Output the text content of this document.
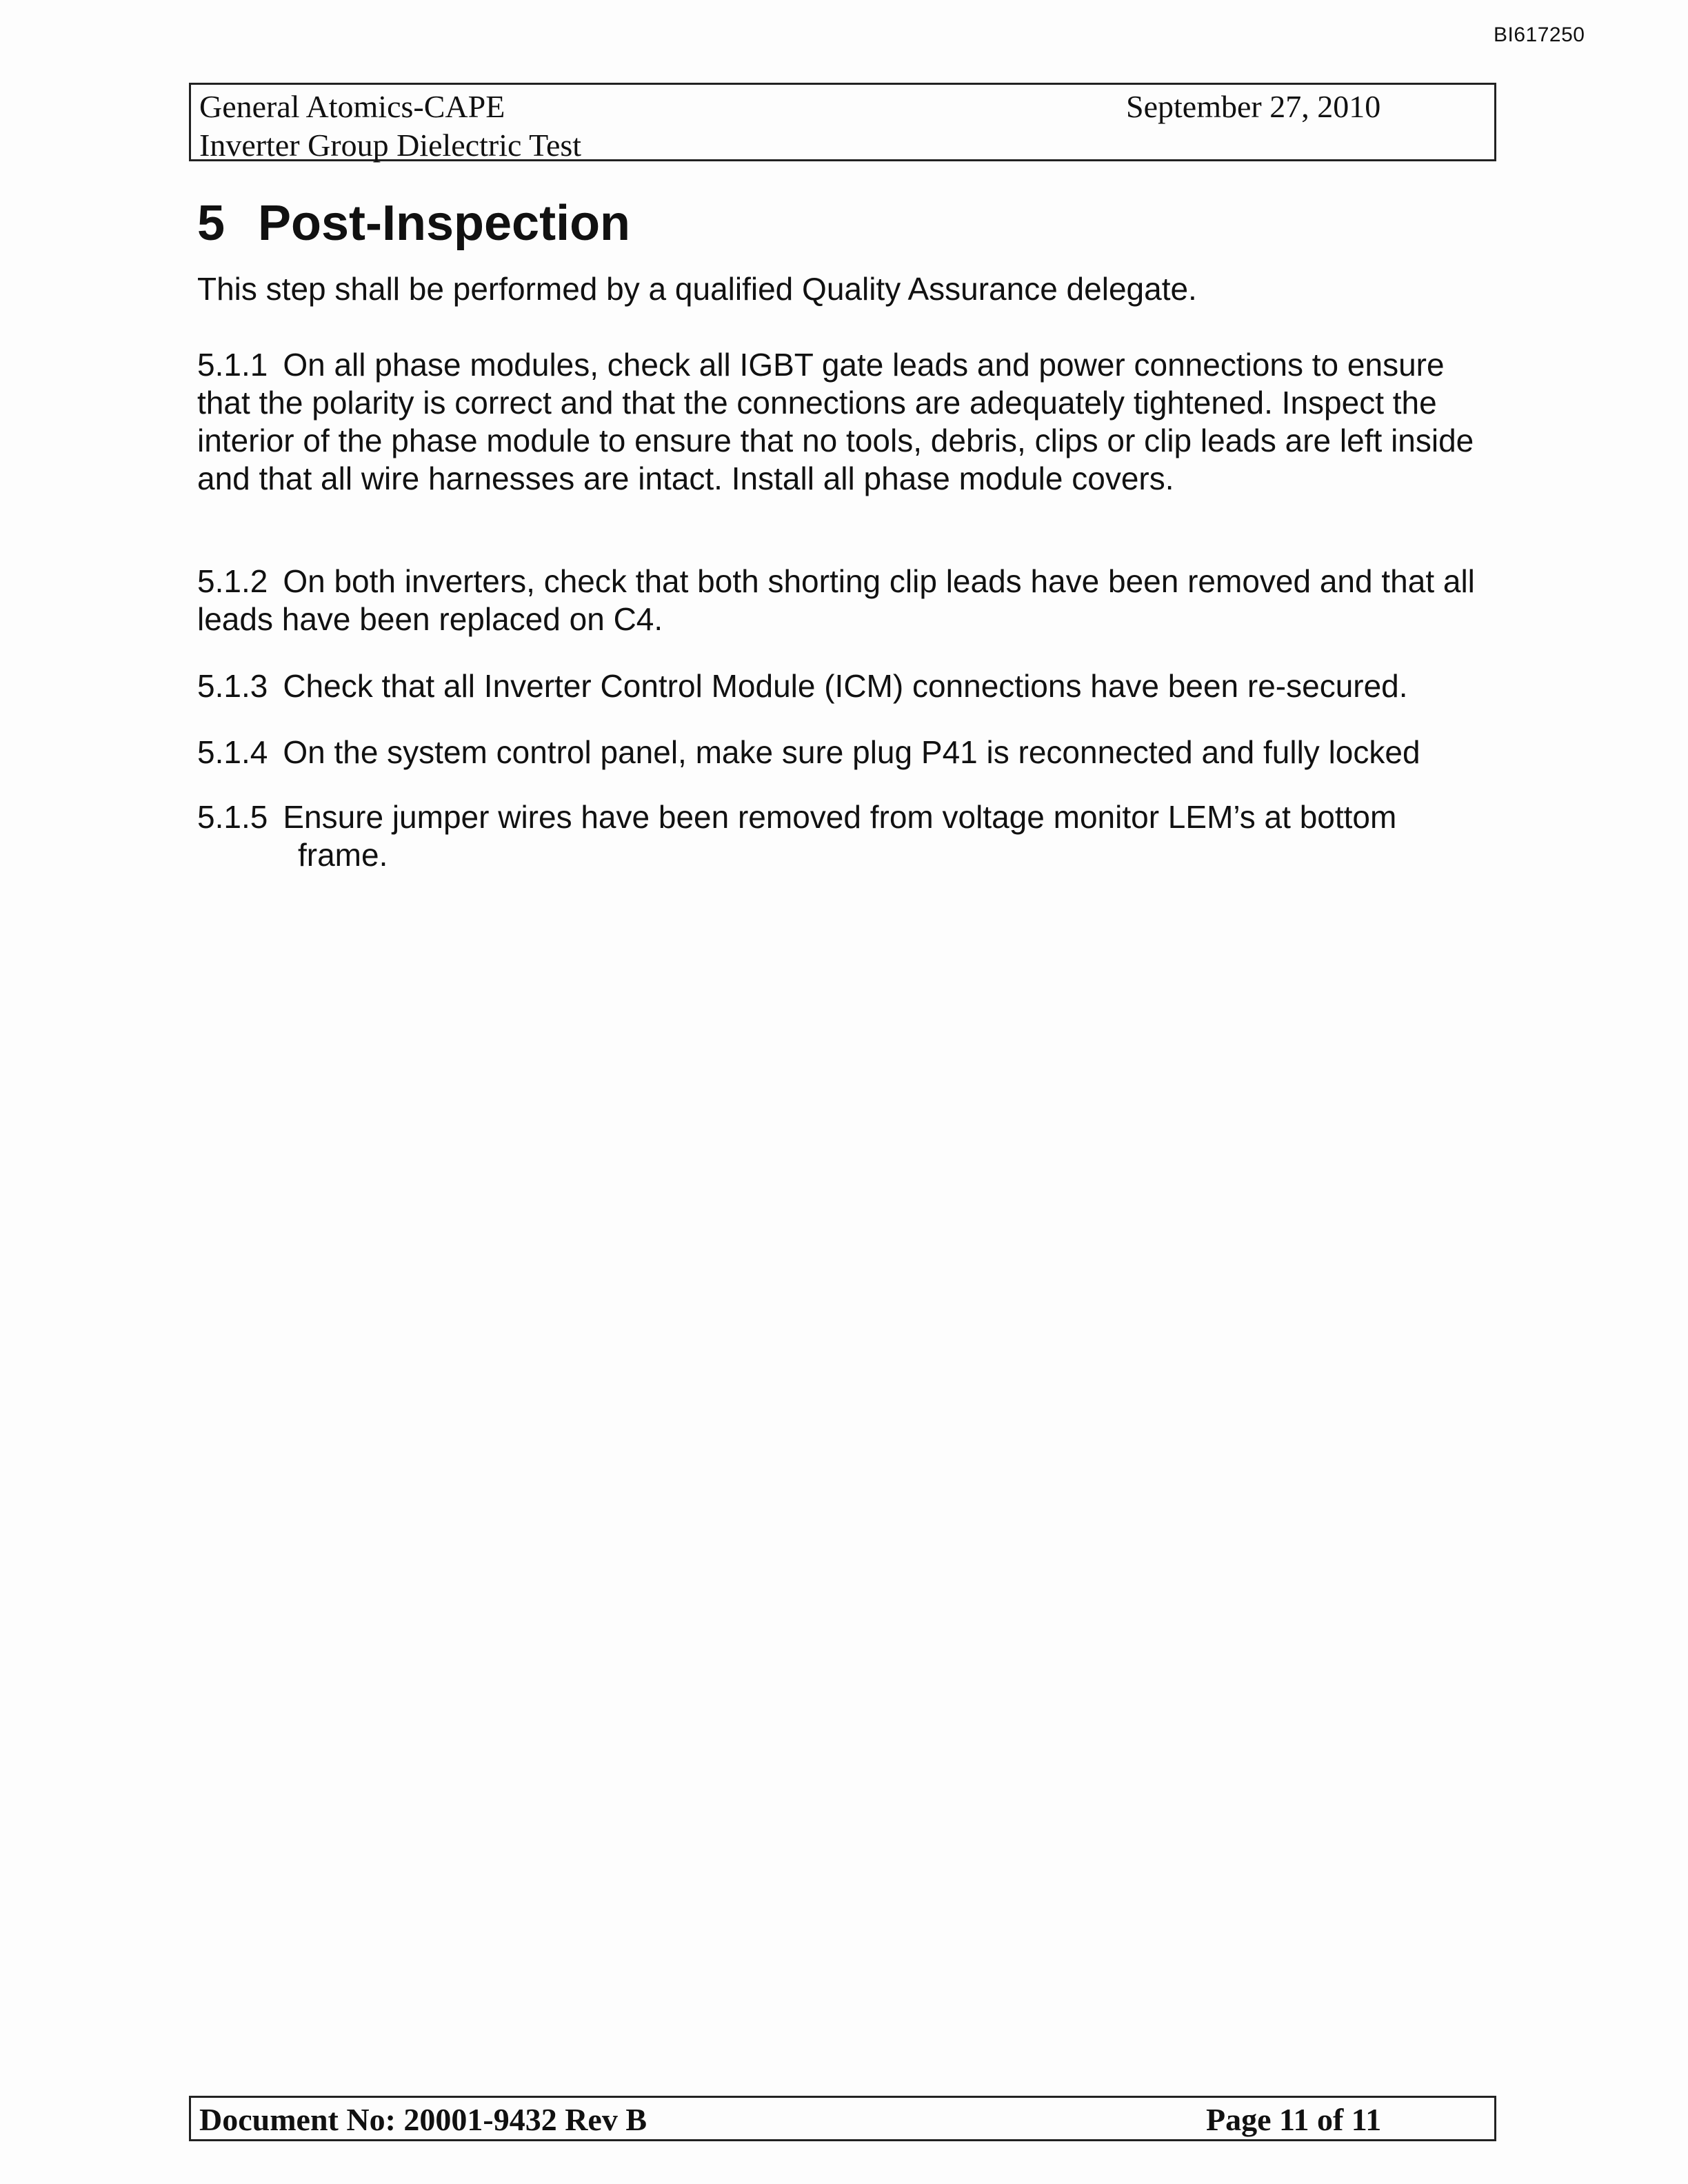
BI617250
General Atomics-CAPE	September 27, 2010
Inverter Group Dielectric Test
5 Post-Inspection
This step shall be performed by a qualified Quality Assurance delegate.
5.1.1 On all phase modules, check all IGBT gate leads and power connections to ensure that the polarity is correct and that the connections are adequately tightened. Inspect the interior of the phase module to ensure that no tools, debris, clips or clip leads are left inside and that all wire harnesses are intact. Install all phase module covers.
5.1.2 On both inverters, check that both shorting clip leads have been removed and that all leads have been replaced on C4.
5.1.3 Check that all Inverter Control Module (ICM) connections have been re-secured.
5.1.4 On the system control panel, make sure plug P41 is reconnected and fully locked
5.1.5 Ensure jumper wires have been removed from voltage monitor LEM’s at bottom
frame.
Document No: 20001-9432 Rev B	Page 11 of 11
